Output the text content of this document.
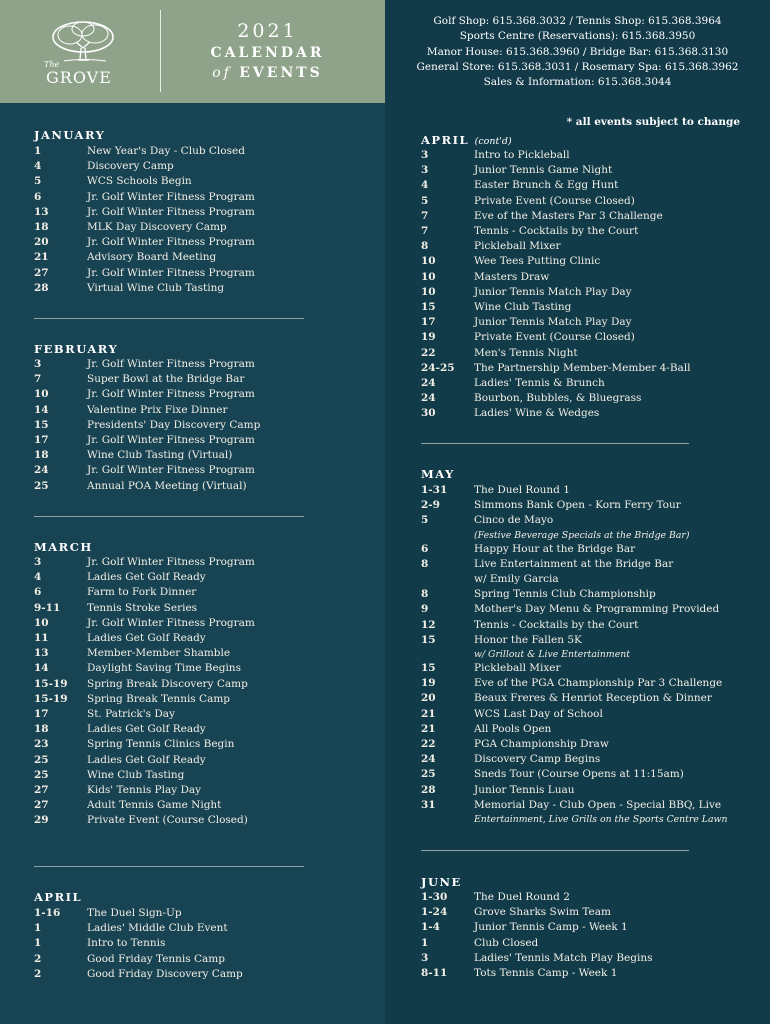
The
GROVE
2021
CALENDAR
of EVENTS
Golf Shop: 615.368.3032 / Tennis Shop: 615.368.3964
Sports Centre (Reservations): 615.368.3950
Manor House: 615.368.3960 / Bridge Bar: 615.368.3130
General Store: 615.368.3031 / Rosemary Spa: 615.368.3962
Sales & Information: 615.368.3044
* all events subject to change
JANUARY
1	New Year's Day - Club Closed
4	Discovery Camp
5	WCS Schools Begin
6	Jr. Golf Winter Fitness Program
13	Jr. Golf Winter Fitness Program
18	MLK Day Discovery Camp
20	Jr. Golf Winter Fitness Program
21	Advisory Board Meeting
27	Jr. Golf Winter Fitness Program
28	Virtual Wine Club Tasting
FEBRUARY
3	Jr. Golf Winter Fitness Program
7	Super Bowl at the Bridge Bar
10	Jr. Golf Winter Fitness Program
14	Valentine Prix Fixe Dinner
15	Presidents' Day Discovery Camp
17	Jr. Golf Winter Fitness Program
18	Wine Club Tasting (Virtual)
24	Jr. Golf Winter Fitness Program
25	Annual POA Meeting (Virtual)
MARCH
3	Jr. Golf Winter Fitness Program
4	Ladies Get Golf Ready
6	Farm to Fork Dinner
9-11	Tennis Stroke Series
10	Jr. Golf Winter Fitness Program
11	Ladies Get Golf Ready
13	Member-Member Shamble
14	Daylight Saving Time Begins
15-19	Spring Break Discovery Camp
15-19	Spring Break Tennis Camp
17	St. Patrick's Day
18	Ladies Get Golf Ready
23	Spring Tennis Clinics Begin
25	Ladies Get Golf Ready
25	Wine Club Tasting
27	Kids' Tennis Play Day
27	Adult Tennis Game Night
29	Private Event (Course Closed)
APRIL
1-16	The Duel Sign-Up
1	Ladies' Middle Club Event
1	Intro to Tennis
2	Good Friday Tennis Camp
2	Good Friday Discovery Camp
APRIL (cont'd)
3	Intro to Pickleball
3	Junior Tennis Game Night
4	Easter Brunch & Egg Hunt
5	Private Event (Course Closed)
7	Eve of the Masters Par 3 Challenge
7	Tennis - Cocktails by the Court
8	Pickleball Mixer
10	Wee Tees Putting Clinic
10	Masters Draw
10	Junior Tennis Match Play Day
15	Wine Club Tasting
17	Junior Tennis Match Play Day
19	Private Event (Course Closed)
22	Men's Tennis Night
24-25	The Partnership Member-Member 4-Ball
24	Ladies' Tennis & Brunch
24	Bourbon, Bubbles, & Bluegrass
30	Ladies' Wine & Wedges
MAY
1-31	The Duel Round 1
2-9	Simmons Bank Open - Korn Ferry Tour
5	Cinco de Mayo
(Festive Beverage Specials at the Bridge Bar)
6	Happy Hour at the Bridge Bar
8	Live Entertainment at the Bridge Bar
w/ Emily Garcia
8	Spring Tennis Club Championship
9	Mother's Day Menu & Programming Provided
12	Tennis - Cocktails by the Court
15	Honor the Fallen 5K
w/ Grillout & Live Entertainment
15	Pickleball Mixer
19	Eve of the PGA Championship Par 3 Challenge
20	Beaux Freres & Henriot Reception & Dinner
21	WCS Last Day of School
21	All Pools Open
22	PGA Championship Draw
24	Discovery Camp Begins
25	Sneds Tour (Course Opens at 11:15am)
28	Junior Tennis Luau
31	Memorial Day - Club Open - Special BBQ, Live
Entertainment, Live Grills on the Sports Centre Lawn
JUNE
1-30	The Duel Round 2
1-24	Grove Sharks Swim Team
1-4	Junior Tennis Camp - Week 1
1	Club Closed
3	Ladies' Tennis Match Play Begins
8-11	Tots Tennis Camp - Week 1
